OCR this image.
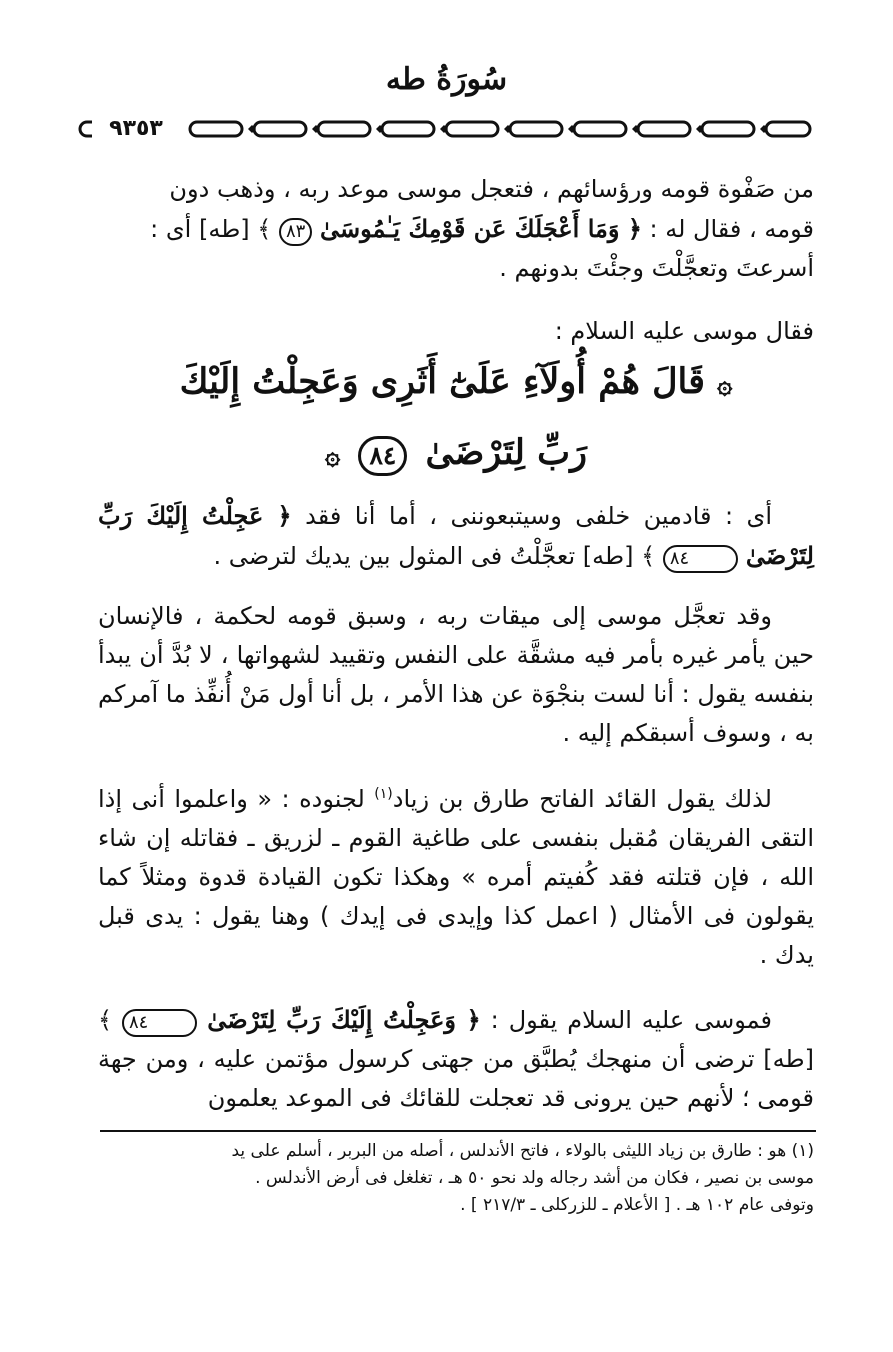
سُورَةُ طه
٩٣٥٣

من صَفْوة قومه ورؤسائهم ، فتعجل موسى موعد ربه ، وذهب دون

قومه ، فقال له : ﴿ وَمَا أَعْجَلَكَ عَن قَوْمِكَ يَـٰمُوسَىٰ ٨٣ ﴾ [طه] أى :

أسرعتَ وتعجَّلْتَ وجئْتَ بدونهم .

فقال موسى عليه السلام :

۞ قَالَ هُمْ أُولَآءِ عَلَىٰٓ أَثَرِى وَعَجِلْتُ إِلَيْكَ
رَبِّ لِتَرْضَىٰ ٨٤ ۞

أى : قادمين خلفى وسيتبعوننى ، أما أنا فقد ﴿ عَجِلْتُ إِلَيْكَ رَبِّ لِتَرْضَىٰ ٨٤ ﴾ [طه] تعجَّلْتُ فى المثول بين يديك لترضى .

وقد تعجَّل موسى إلى ميقات ربه ، وسبق قومه لحكمة ، فالإنسان حين يأمر غيره بأمر فيه مشقَّة على النفس وتقييد لشهواتها ، لا بُدَّ أن يبدأ بنفسه يقول : أنا لست بنجْوَة عن هذا الأمر ، بل أنا أول مَنْ أُنفِّذ ما آمركم به ، وسوف أسبقكم إليه .

لذلك يقول القائد الفاتح طارق بن زياد$^{(١)}$ لجنوده : « واعلموا أنى إذا التقى الفريقان مُقبل بنفسى على طاغية القوم ـ لزريق ـ فقاتله إن شاء الله ، فإن قتلته فقد كُفيتم أمره » وهكذا تكون القيادة قدوة ومثلاً كما يقولون فى الأمثال ( اعمل كذا وإيدى فى إيدك ) وهنا يقول : يدى قبل يدك .

فموسى عليه السلام يقول : ﴿ وَعَجِلْتُ إِلَيْكَ رَبِّ لِتَرْضَىٰ ٨٤ ﴾ [طه] ترضى أن منهجك يُطبَّق من جهتى كرسول مؤتمن عليه ، ومن جهة قومى ؛ لأنهم حين يرونى قد تعجلت للقائك فى الموعد يعلمون

(١) هو : طارق بن زياد الليثى بالولاء ، فاتح الأندلس ، أصله من البربر ، أسلم على يد

موسى بن نصير ، فكان من أشد رجاله ولد نحو ٥٠ هـ ، تغلغل فى أرض الأندلس .

وتوفى عام ١٠٢ هـ . [ الأعلام ـ للزركلى ـ ٢١٧/٣ ] .
